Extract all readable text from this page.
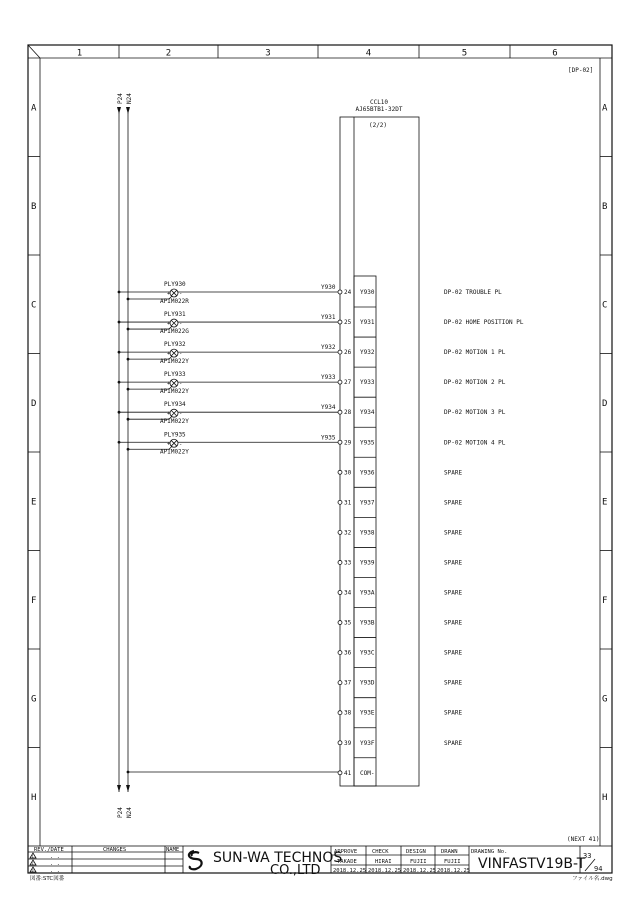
1	2	3	4	5	6
A	A
B	B
C	C
D	D
E	E
F	F
G	G
H	H
[DP-02]
P24 N24
P24 N24
CCL10
AJ65BTB1-32DT
(2/2)
24 Y930	DP-02 TROUBLE PL
25 Y931	DP-02 HOME POSITION PL
26 Y932	DP-02 MOTION 1 PL
27 Y933	DP-02 MOTION 2 PL
28 Y934	DP-02 MOTION 3 PL
29 Y935	DP-02 MOTION 4 PL
30 Y936	SPARE
31 Y937	SPARE
32 Y938	SPARE
33 Y939	SPARE
34 Y93A	SPARE
35 Y93B	SPARE
36 Y93C	SPARE
37 Y93D	SPARE
38 Y93E	SPARE
39 Y93F	SPARE
41 COM-
+ -
PLY930
APIM022R
Y930
+ -
PLY931
APIM022G
Y931
+ -
PLY932
APIM022Y
Y932
+ -
PLY933
APIM022Y
Y933
+ -
PLY934
APIM022Y
Y934
+ -
PLY935
APIM022Y
Y935
(NEXT 41)
REV./DATE	CHANGES	NAME
1	. .
2	. .
3	. .
SUN-WA TECHNOS
CO.,LTD
APPROVE
TAKADE
2018.12.25
CHECK
HIRAI
2018.12.25
DESIGN
FUJII
2018.12.25
DRAWN
FUJII
2018.12.25
DRAWING No.
VINFASTV19B-T
33
94
図番:STC図番	ファイル名.dwg
